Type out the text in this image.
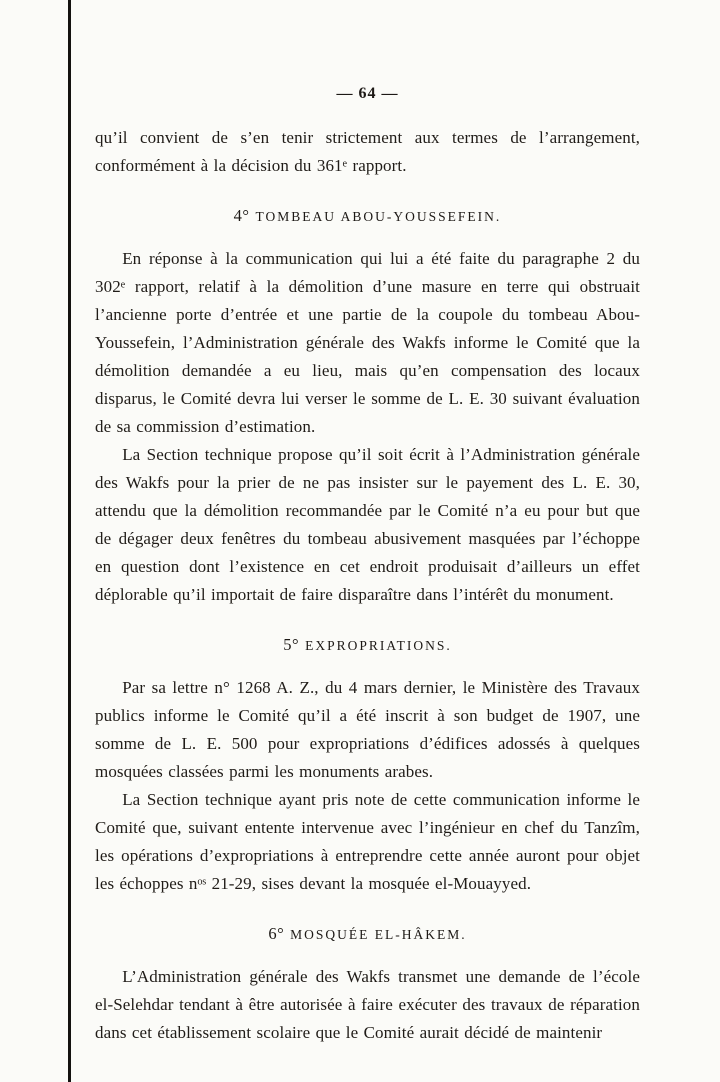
— 64 —

qu’il convient de s’en tenir strictement aux termes de l’arrangement, conformément à la décision du 361ᵉ rapport.

4° TOMBEAU ABOU-YOUSSEFEIN.

En réponse à la communication qui lui a été faite du paragraphe 2 du 302ᵉ rapport, relatif à la démolition d’une masure en terre qui obstruait l’ancienne porte d’entrée et une partie de la coupole du tombeau Abou-Youssefein, l’Administration générale des Wakfs informe le Comité que la démolition demandée a eu lieu, mais qu’en compensation des locaux disparus, le Comité devra lui verser le somme de L. E. 30 suivant évaluation de sa commission d’estimation.

La Section technique propose qu’il soit écrit à l’Administration générale des Wakfs pour la prier de ne pas insister sur le payement des L. E. 30, attendu que la démolition recommandée par le Comité n’a eu pour but que de dégager deux fenêtres du tombeau abusivement masquées par l’échoppe en question dont l’existence en cet endroit produisait d’ailleurs un effet déplorable qu’il importait de faire disparaître dans l’intérêt du monument.

5° EXPROPRIATIONS.

Par sa lettre n° 1268 A. Z., du 4 mars dernier, le Ministère des Travaux publics informe le Comité qu’il a été inscrit à son budget de 1907, une somme de L. E. 500 pour expropriations d’édifices adossés à quelques mosquées classées parmi les monuments arabes.

La Section technique ayant pris note de cette communication informe le Comité que, suivant entente intervenue avec l’ingénieur en chef du Tanzîm, les opérations d’expropriations à entreprendre cette année auront pour objet les échoppes nᵒˢ 21-29, sises devant la mosquée el-Mouayyed.

6° MOSQUÉE EL-HÂKEM.

L’Administration générale des Wakfs transmet une demande de l’école el-Selehdar tendant à être autorisée à faire exécuter des travaux de réparation dans cet établissement scolaire que le Comité aurait décidé de maintenir
